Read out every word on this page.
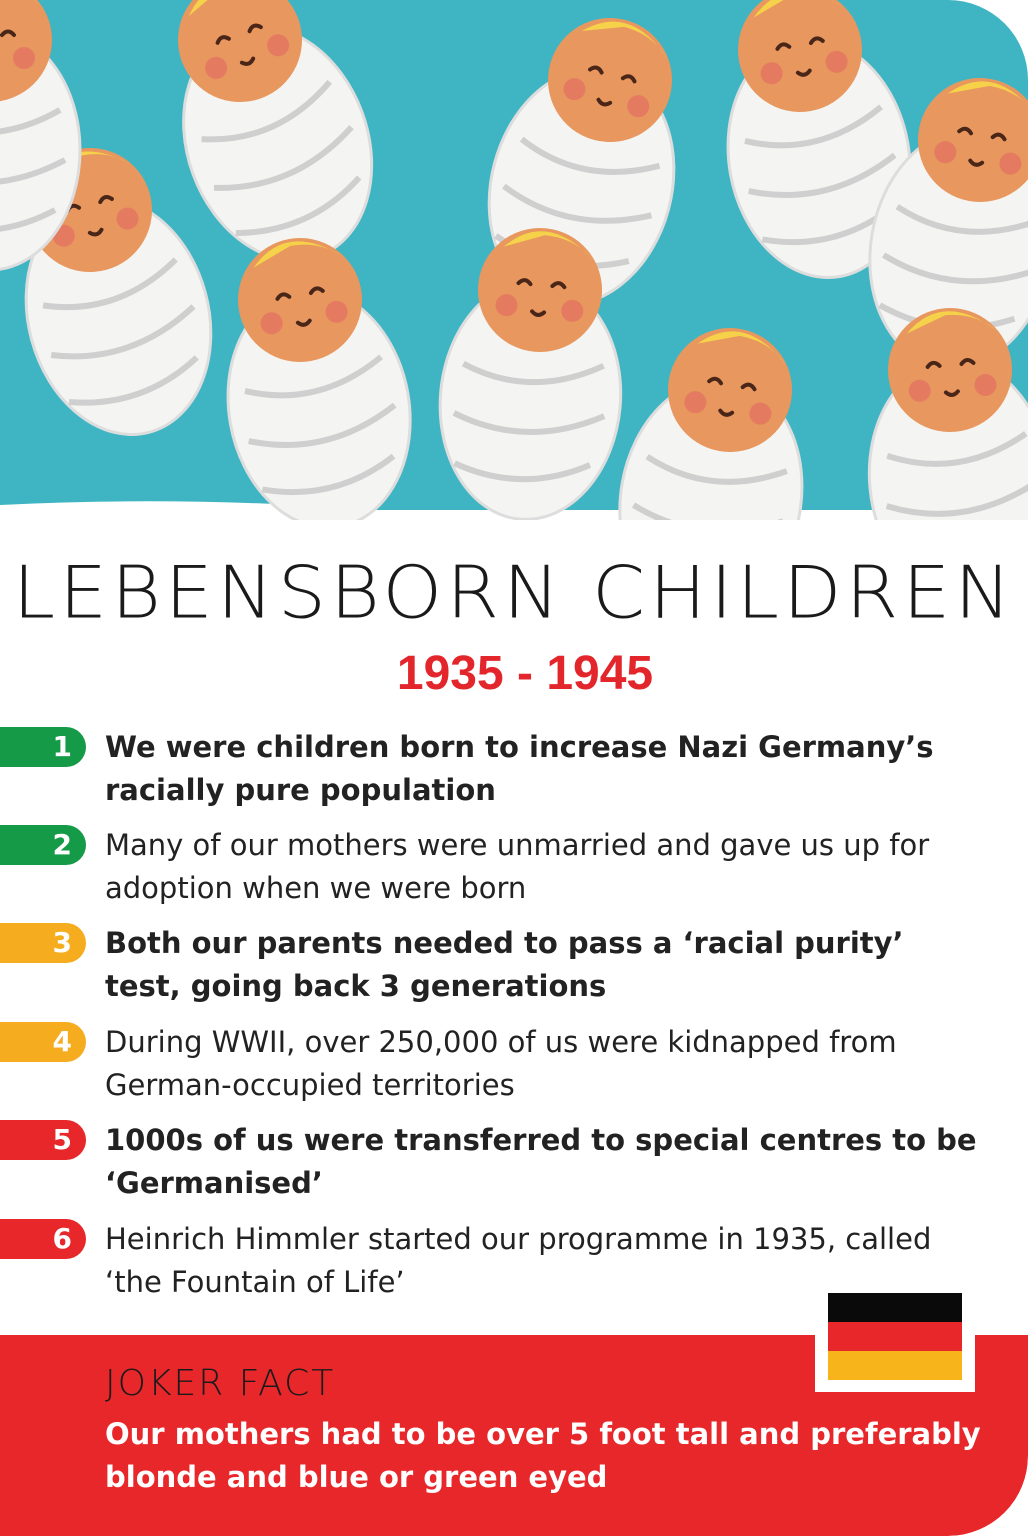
LEBENSBORN CHILDREN
1935 - 1945
1	We were children born to increase Nazi Germany’s racially pure population
2	Many of our mothers were unmarried and gave us up for adoption when we were born
3	Both our parents needed to pass a ‘racial purity’ test, going back 3 generations
4	During WWII, over 250,000 of us were kidnapped from German-occupied territories
5	1000s of us were transferred to special centres to be ‘Germanised’
6	Heinrich Himmler started our programme in 1935, called ‘the Fountain of Life’
JOKER FACT
Our mothers had to be over 5 foot tall and preferably blonde and blue or green eyed
